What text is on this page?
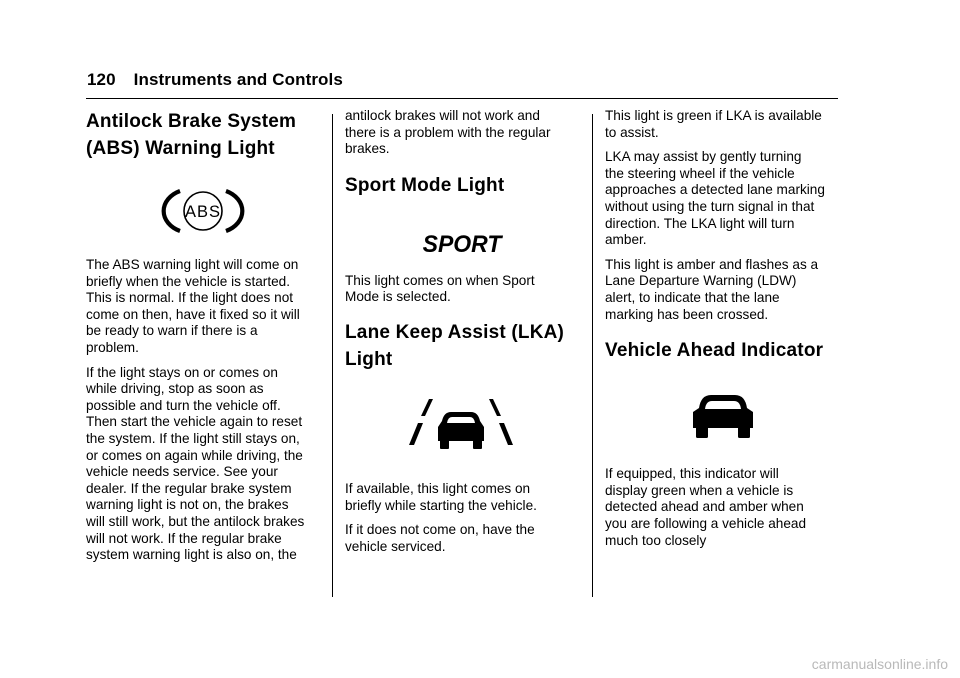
120 Instruments and Controls
Antilock Brake System
(ABS) Warning Light
ABS

The ABS warning light will come on
briefly when the vehicle is started.
This is normal. If the light does not
come on then, have it fixed so it will
be ready to warn if there is a
problem.

If the light stays on or comes on
while driving, stop as soon as
possible and turn the vehicle off.
Then start the vehicle again to reset
the system. If the light still stays on,
or comes on again while driving, the
vehicle needs service. See your
dealer. If the regular brake system
warning light is not on, the brakes
will still work, but the antilock brakes
will not work. If the regular brake
system warning light is also on, the

antilock brakes will not work and
there is a problem with the regular
brakes.

Sport Mode Light
SPORT

This light comes on when Sport
Mode is selected.

Lane Keep Assist (LKA)
Light

If available, this light comes on
briefly while starting the vehicle.

If it does not come on, have the
vehicle serviced.

This light is green if LKA is available
to assist.

LKA may assist by gently turning
the steering wheel if the vehicle
approaches a detected lane marking
without using the turn signal in that
direction. The LKA light will turn
amber.

This light is amber and flashes as a
Lane Departure Warning (LDW)
alert, to indicate that the lane
marking has been crossed.

Vehicle Ahead Indicator

If equipped, this indicator will
display green when a vehicle is
detected ahead and amber when
you are following a vehicle ahead
much too closely

carmanualsonline.info
